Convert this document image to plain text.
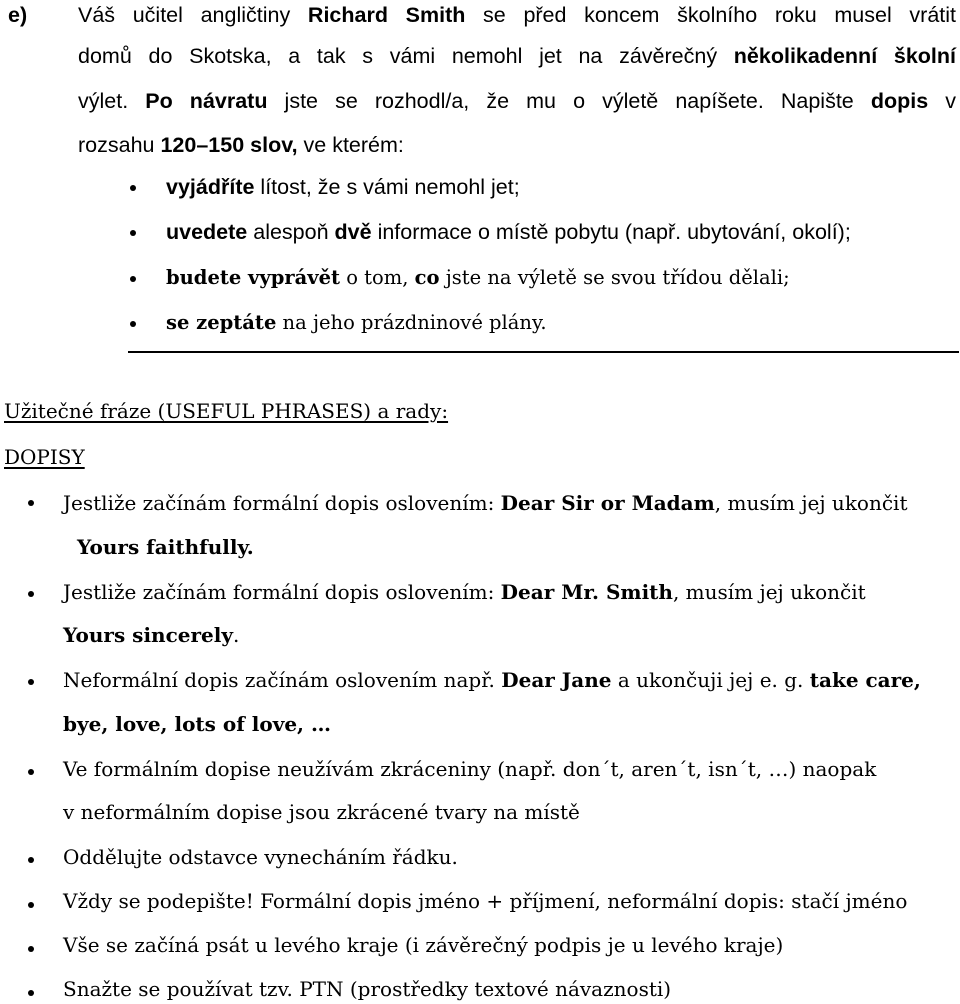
e) Váš učitel angličtiny Richard Smith se před koncem školního roku musel vrátit
domů do Skotska, a tak s vámi nemohl jet na závěrečný několikadenní školní
výlet. Po návratu jste se rozhodl/a, že mu o výletě napíšete. Napište dopis v
rozsahu 120–150 slov, ve kterém:
vyjádříte lítost, že s vámi nemohl jet;
uvedete alespoň dvě informace o místě pobytu (např. ubytování, okolí);
budete vyprávět o tom, co jste na výletě se svou třídou dělali;
se zeptáte na jeho prázdninové plány.
Užitečné fráze (USEFUL PHRASES) a rady:
DOPISY
Jestliže začínám formální dopis oslovením: Dear Sir or Madam, musím jej ukončit
Yours faithfully.
Jestliže začínám formální dopis oslovením: Dear Mr. Smith, musím jej ukončit
Yours sincerely.
Neformální dopis začínám oslovením např. Dear Jane a ukončuji jej e. g. take care,
bye, love, lots of love, …
Ve formálním dopise neužívám zkráceniny (např. don´t, aren´t, isn´t, …) naopak
v neformálním dopise jsou zkrácené tvary na místě
Oddělujte odstavce vynecháním řádku.
Vždy se podepište! Formální dopis jméno + příjmení, neformální dopis: stačí jméno
Vše se začíná psát u levého kraje (i závěrečný podpis je u levého kraje)
Snažte se používat tzv. PTN (prostředky textové návaznosti)
